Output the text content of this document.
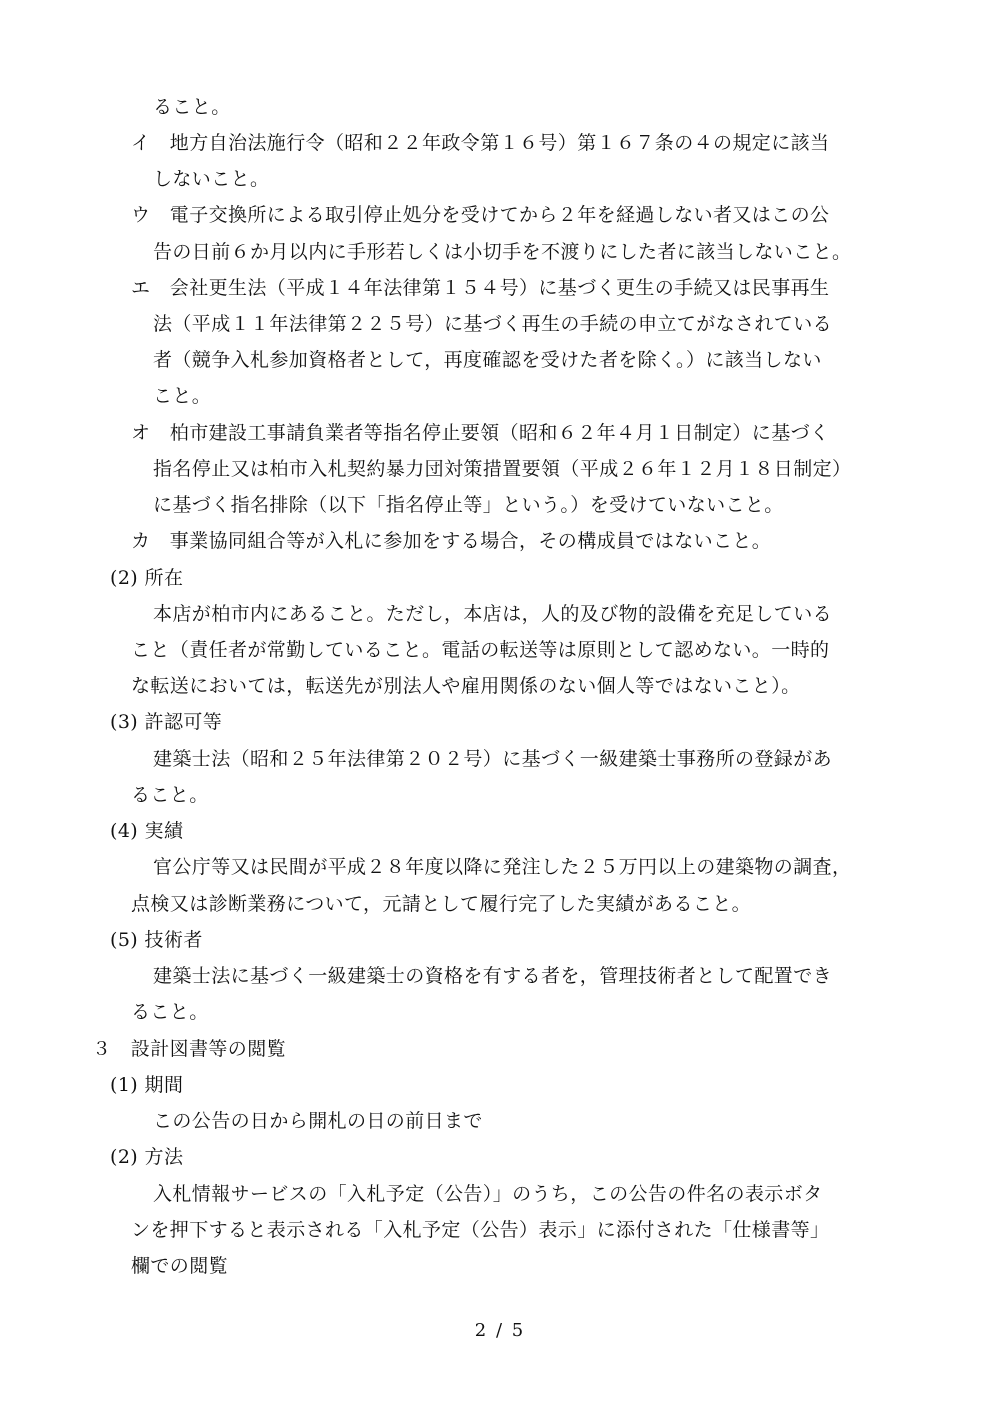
ること。
イ　地方自治法施行令（昭和２２年政令第１６号）第１６７条の４の規定に該当
しないこと。
ウ　電子交換所による取引停止処分を受けてから２年を経過しない者又はこの公
告の日前６か月以内に手形若しくは小切手を不渡りにした者に該当しないこと。
エ　会社更生法（平成１４年法律第１５４号）に基づく更生の手続又は民事再生
法（平成１１年法律第２２５号）に基づく再生の手続の申立てがなされている
者（競争入札参加資格者として，再度確認を受けた者を除く。）に該当しない
こと。
オ　柏市建設工事請負業者等指名停止要領（昭和６２年４月１日制定）に基づく
指名停止又は柏市入札契約暴力団対策措置要領（平成２６年１２月１８日制定）
に基づく指名排除（以下「指名停止等」という。）を受けていないこと。
カ　事業協同組合等が入札に参加をする場合，その構成員ではないこと。
(2) 所在
本店が柏市内にあること。ただし，本店は，人的及び物的設備を充足している
こと（責任者が常勤していること。電話の転送等は原則として認めない。一時的
な転送においては，転送先が別法人や雇用関係のない個人等ではないこと）。
(3) 許認可等
建築士法（昭和２５年法律第２０２号）に基づく一級建築士事務所の登録があ
ること。
(4) 実績
官公庁等又は民間が平成２８年度以降に発注した２５万円以上の建築物の調査，
点検又は診断業務について，元請として履行完了した実績があること。
(5) 技術者
建築士法に基づく一級建築士の資格を有する者を，管理技術者として配置でき
ること。
３　設計図書等の閲覧
(1) 期間
この公告の日から開札の日の前日まで
(2) 方法
入札情報サービスの「入札予定（公告）」のうち，この公告の件名の表示ボタ
ンを押下すると表示される「入札予定（公告）表示」に添付された「仕様書等」
欄での閲覧
2 / 5
